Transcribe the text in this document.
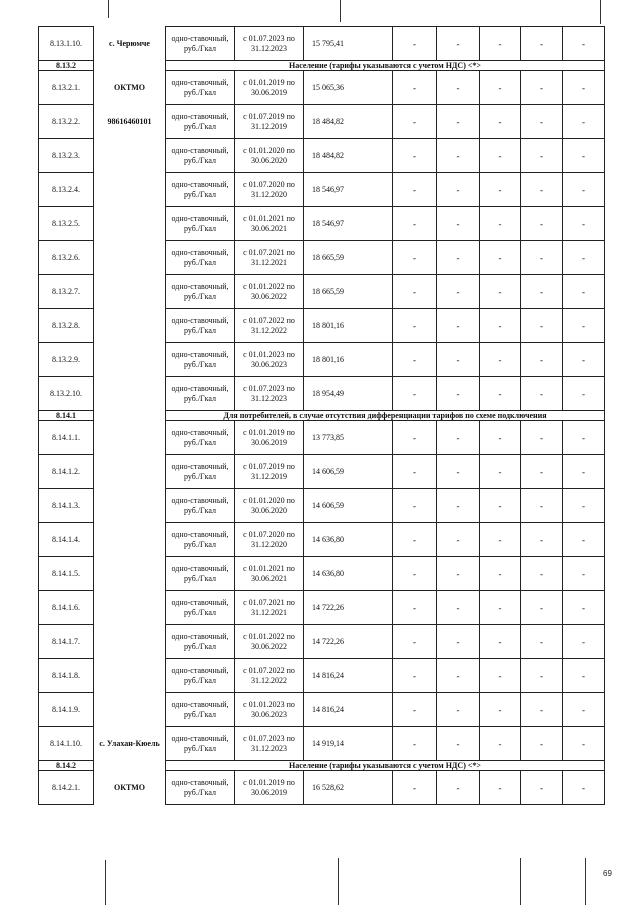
8.13.1.10.	с. Черюмче	одно-ставочный, руб./Гкал	с 01.07.2023 по 31.12.2023	15 795,41	-	-	-	-	-
8.13.2		Население (тарифы указываются с учетом НДС) <*>							
8.13.2.1.	ОКТМО	одно-ставочный, руб./Гкал	с 01.01.2019 по 30.06.2019	15 065,36	-	-	-	-	-
8.13.2.2.	98616460101	одно-ставочный, руб./Гкал	с 01.07.2019 по 31.12.2019	18 484,82	-	-	-	-	-
8.13.2.3.		одно-ставочный, руб./Гкал	с 01.01.2020 по 30.06.2020	18 484,82	-	-	-	-	-
8.13.2.4.		одно-ставочный, руб./Гкал	с 01.07.2020 по 31.12.2020	18 546,97	-	-	-	-	-
8.13.2.5.		одно-ставочный, руб./Гкал	с 01.01.2021 по 30.06.2021	18 546,97	-	-	-	-	-
8.13.2.6.		одно-ставочный, руб./Гкал	с 01.07.2021 по 31.12.2021	18 665,59	-	-	-	-	-
8.13.2.7.		одно-ставочный, руб./Гкал	с 01.01.2022 по 30.06.2022	18 665,59	-	-	-	-	-
8.13.2.8.		одно-ставочный, руб./Гкал	с 01.07.2022 по 31.12.2022	18 801,16	-	-	-	-	-
8.13.2.9.		одно-ставочный, руб./Гкал	с 01.01.2023 по 30.06.2023	18 801,16	-	-	-	-	-
8.13.2.10.		одно-ставочный, руб./Гкал	с 01.07.2023 по 31.12.2023	18 954,49	-	-	-	-	-
8.14.1		Для потребителей, в случае отсутствия дифференциации тарифов по схеме подключения							
8.14.1.1.		одно-ставочный, руб./Гкал	с 01.01.2019 по 30.06.2019	13 773,85	-	-	-	-	-
8.14.1.2.		одно-ставочный, руб./Гкал	с 01.07.2019 по 31.12.2019	14 606,59	-	-	-	-	-
8.14.1.3.		одно-ставочный, руб./Гкал	с 01.01.2020 по 30.06.2020	14 606,59	-	-	-	-	-
8.14.1.4.		одно-ставочный, руб./Гкал	с 01.07.2020 по 31.12.2020	14 636,80	-	-	-	-	-
8.14.1.5.		одно-ставочный, руб./Гкал	с 01.01.2021 по 30.06.2021	14 636,80	-	-	-	-	-
8.14.1.6.		одно-ставочный, руб./Гкал	с 01.07.2021 по 31.12.2021	14 722,26	-	-	-	-	-
8.14.1.7.		одно-ставочный, руб./Гкал	с 01.01.2022 по 30.06.2022	14 722,26	-	-	-	-	-
8.14.1.8.		одно-ставочный, руб./Гкал	с 01.07.2022 по 31.12.2022	14 816,24	-	-	-	-	-
8.14.1.9.		одно-ставочный, руб./Гкал	с 01.01.2023 по 30.06.2023	14 816,24	-	-	-	-	-
8.14.1.10.	с. Улахан-Кюель	одно-ставочный, руб./Гкал	с 01.07.2023 по 31.12.2023	14 919,14	-	-	-	-	-
8.14.2		Население (тарифы указываются с учетом НДС) <*>							
8.14.2.1.	ОКТМО	одно-ставочный, руб./Гкал	с 01.01.2019 по 30.06.2019	16 528,62	-	-	-	-	-
69
